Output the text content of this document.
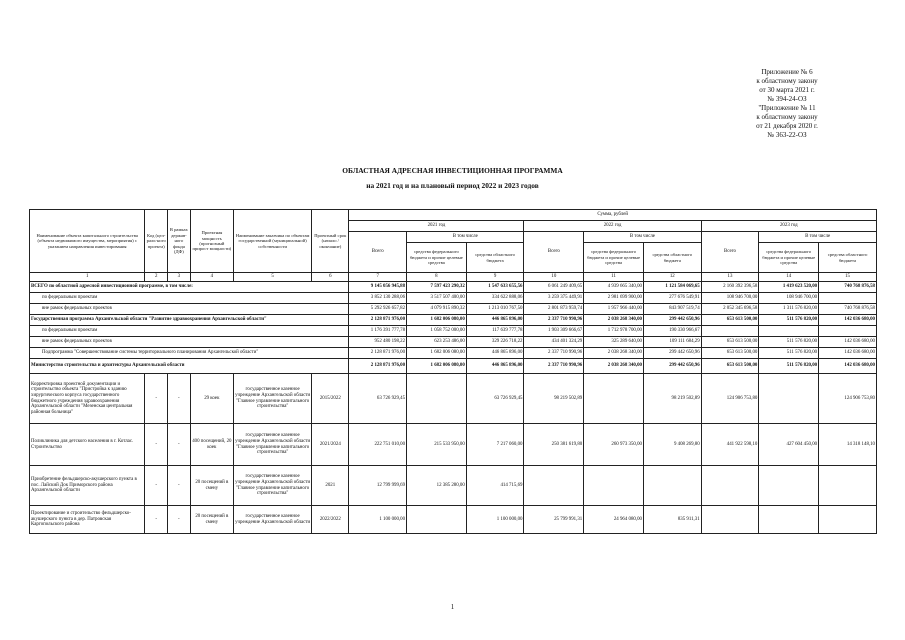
Приложение № 6
к областному закону
от 30 марта 2021 г.
№ 394-24-ОЗ
"Приложение № 11
к областному закону
от 21 декабря 2020 г.
№ 363-22-ОЗ
ОБЛАСТНАЯ АДРЕСНАЯ ИНВЕСТИЦИОННАЯ ПРОГРАММА
на 2021 год и на плановый период 2022 и 2023 годов
Наименование объекта капитального строительства (объекта недвижимого имущества, мероприятия) с указанием направления инвестирования	Код (цел-раль-ного проекта)	В рамках держав-ного фонда (ДФ)	Проектная мощность (прогнозный прирост мощности)	Наименование заказчика по объектам государственной (муниципальной) собственности	Проектный срок (начало / окончание)	Сумма, рублей								
						2021 год			2022 год			2023 год		
						Всего	В том числе		Всего	В том числе		Всего	В том числе	
							средства федерального бюджета и прочие целевые средства	средства областного бюджета		средства федерального бюджета и прочие целевые средства	средства областного бюджета		средства федерального бюджета и прочие целевые средства	средства областного бюджета
1	2	3	4	5	6	7	8	9	10	11	12	13	14	15
ВСЕГО по областной адресной инвестиционной программе, в том числе:						9 145 056 945,88	7 597 423 290,32	1 547 633 655,56	6 061 249 409,65	4 939 665 340,00	1 121 584 069,65	2 160 392 396,58	1 419 623 520,00	740 768 876,58
по федеральным проектам						3 852 130 288,06	3 517 507 400,00	334 622 888,06	3 259 375 449,91	2 981 699 900,00	277 676 549,91	108 946 700,00	108 946 700,00	
вне рамок федеральных проектов						5 292 926 657,82	4 079 915 890,32	1 213 010 767,50	2 801 873 959,74	1 957 966 440,00	843 907 519,74	2 052 345 696,58	1 311 576 820,00	740 768 876,58
Государственная программа Архангельской области "Развитие здравоохранения Архангельской области"						2 128 871 976,00	1 682 006 080,00	446 865 896,00	2 337 710 990,96	2 038 268 340,00	299 442 650,96	653 613 500,00	511 576 820,00	142 036 680,00
по федеральным проектам						1 176 391 777,78	1 058 752 000,00	117 639 777,78	1 903 309 666,67	1 712 978 700,00	190 330 966,67			
вне рамок федеральных проектов						952 480 198,22	623 253 486,00	329 226 718,22	434 401 324,29	325 289 640,00	109 111 684,29	653 613 500,00	511 576 820,00	142 036 680,00
Подпрограмма "Совершенствование системы территориального планирования Архангельской области"						2 128 871 976,00	1 682 006 080,00	446 865 896,00	2 337 710 990,96	2 038 268 340,00	299 442 650,96	653 613 500,00	511 576 820,00	142 036 680,00
Министерство строительства и архитектуры Архангельской области						2 128 871 976,00	1 682 006 080,00	446 865 896,00	2 337 710 990,96	2 038 268 340,00	299 442 650,96	653 613 500,00	511 576 820,00	142 036 680,00
Корректировка проектной документации и строительство объекта "Пристройка к зданию хирургического корпуса государственного бюджетного учреждения здравоохранения Архангельской области "Мезенская центральная районная больница"	-	-	29 коек	государственное казенное учреждение Архангельской области "Главное управление капитального строительства"	2015/2022	63 726 929,45		63 726 929,45	98 219 502,89		98 219 502,89	124 906 753,80		124 906 753,80
Поликлиника для детского населения в г. Котлас. Строительство	-	-	400 посещений, 20 коек	государственное казенное учреждение Архангельской области "Главное управление капитального строительства"	2021/2024	222 751 010,00	215 533 950,00	7 217 060,00	250 381 619,80	260 973 350,00	9 408 269,80	441 922 598,10	427 604 450,00	14 318 148,10
Приобретение фельдшерско-акушерского пункта в пос. Лайский Док Приморского района Архангельской области	-	-	20 посещений в смену	государственное казенное учреждение Архангельской области "Главное управление капитального строительства"	2021	12 799 999,69	12 385 280,00	414 715,69						
Проектирование и строительство фельдшерско-акушерского пункта в дер. Патровская Каргопольского района	-	-	20 посещений в смену	государственное казенное учреждение Архангельской области	2022/2022	1 100 000,00		1 100 000,00	25 799 991,31	24 964 080,00	835 911,31			
1
